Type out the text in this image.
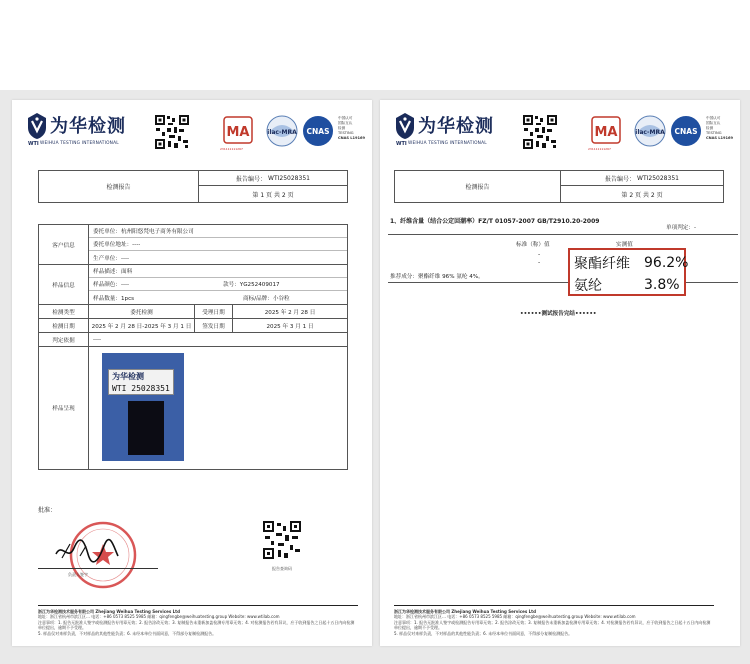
为华检测
WTI WEIHUA TESTING INTERNATIONAL
MA	ilac-MRA CNAS
中国认可
国际互认
检测
TESTING
CNAS L19169
231111111267
检测报告
报告编号： WTI25028351
第 1 页 共 2 页
客户信息
委托单位：杭州阳悠梵电子商务有限公司
委托单位地址：----
生产单位：----
样品信息
样品描述：面料
样品颜色：----	款号：YG252409017
样品数量：1pcs	商标/品牌：小谷粒
检测类型	委托检测	受理日期	2025 年 2 月 28 日
检测日期	2025 年 2 月 28 日-2025 年 3 月 1 日	签发日期	2025 年 3 月 1 日
判定依据	----
样品呈现
为华检测
WTI 25028351
批准：
负责人签字
报告查询码
浙江为华检测技术服务有限公司 Zhejiang Weihua Testing Services Ltd
地址：浙江省杭州市滨江区… 电话：+86 0573 8525 5985 邮箱：qingfengbe@weihuatesting.group Website: www.wtilab.com
注意事项：1. 报告无批准人签字或检测报告专用章无效；2. 报告涂改无效；3. 复制报告未重新加盖检测专用章无效；4. 对检测报告若有异议，应于收到报告之日起十五日内向检测单位提出，逾期不予受理。
5. 样品仅对来样负责，不对样品的其他性能负责；6. 未经本单位书面同意，不得部分复制检测报告。
为华检测
WTI WEIHUA TESTING INTERNATIONAL
MA	ilac-MRA CNAS
中国认可
国际互认
检测
TESTING
CNAS L19169
231111111267
检测报告
报告编号： WTI25028351
第 2 页 共 2 页
1、纤维含量（结合公定回潮率）FZ/T 01057-2007 GB/T2910.20-2009
单项判定：-
标准（称）值	实测值
-
-
推荐成分：聚酯纤维 96% 氨纶 4%。
聚酯纤维	96.2%
氨纶	3.8%
••••••测试报告完结••••••
浙江为华检测技术服务有限公司 Zhejiang Weihua Testing Services Ltd
地址：浙江省杭州市滨江区… 电话：+86 0573 8525 5985 邮箱：qingfengbe@weihuatesting.group Website: www.wtilab.com
注意事项：1. 报告无批准人签字或检测报告专用章无效；2. 报告涂改无效；3. 复制报告未重新加盖检测专用章无效；4. 对检测报告若有异议，应于收到报告之日起十五日内向检测单位提出，逾期不予受理。
5. 样品仅对来样负责，不对样品的其他性能负责；6. 未经本单位书面同意，不得部分复制检测报告。
